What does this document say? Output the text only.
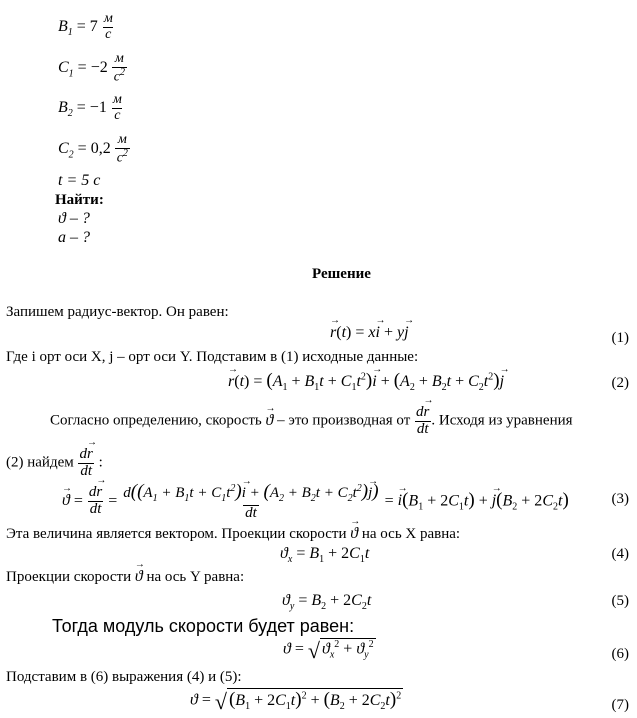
$B_1 = 7 \frac{м}{с}$
$C_1 = -2 \frac{м}{с^2}$
$B_2 = -1 \frac{м}{с}$
$C_2 = 0,2 \frac{м}{с^2}$
t = 5 с
Найти:
ϑ – ?
a – ?
Решение
Запишем радиус-вектор. Он равен:
→ r(t) = x→ i + y→ j	(1)
Где i орт оси X, j – орт оси Y. Подставим в (1) исходные данные:
→ $r(t) = (A_1 + B_1t + C_1t^2)\to i + (A_2 + B_2t + C_2t^2)\to j$	(2)
Согласно определению, скорость → ϑ – это производная от $\frac{d\to r}{dt}$ . Исходя из уравнения
(2) найдем $\frac{d\to r}{dt}$ :
→ $ϑ = \frac{d\to r}{dt} = \frac{d((A_1 + B_1t + C_1t^2)\to i + (A_2 + B_2t + C_2t^2)\to j)}{dt}$ = → $i(B_1 + 2C_1t)$ + → $j(B_2 + 2C_2t)$	(3)
Эта величина является вектором. Проекции скорости → ϑ на ось X равна:
$ϑ_x = B_1 + 2C_1t$	(4)
Проекции скорости → ϑ на ось Y равна:
$ϑ_y = B_2 + 2C_2t$	(5)
Тогда модуль скорости будет равен:
ϑ = √ $ϑ_x^2 + ϑ_y^2$
(6)
Подставим в (6) выражения (4) и (5):
ϑ = √ $(B_1 + 2C_1t)^2 + (B_2 + 2C_2t)^2$
(7)
